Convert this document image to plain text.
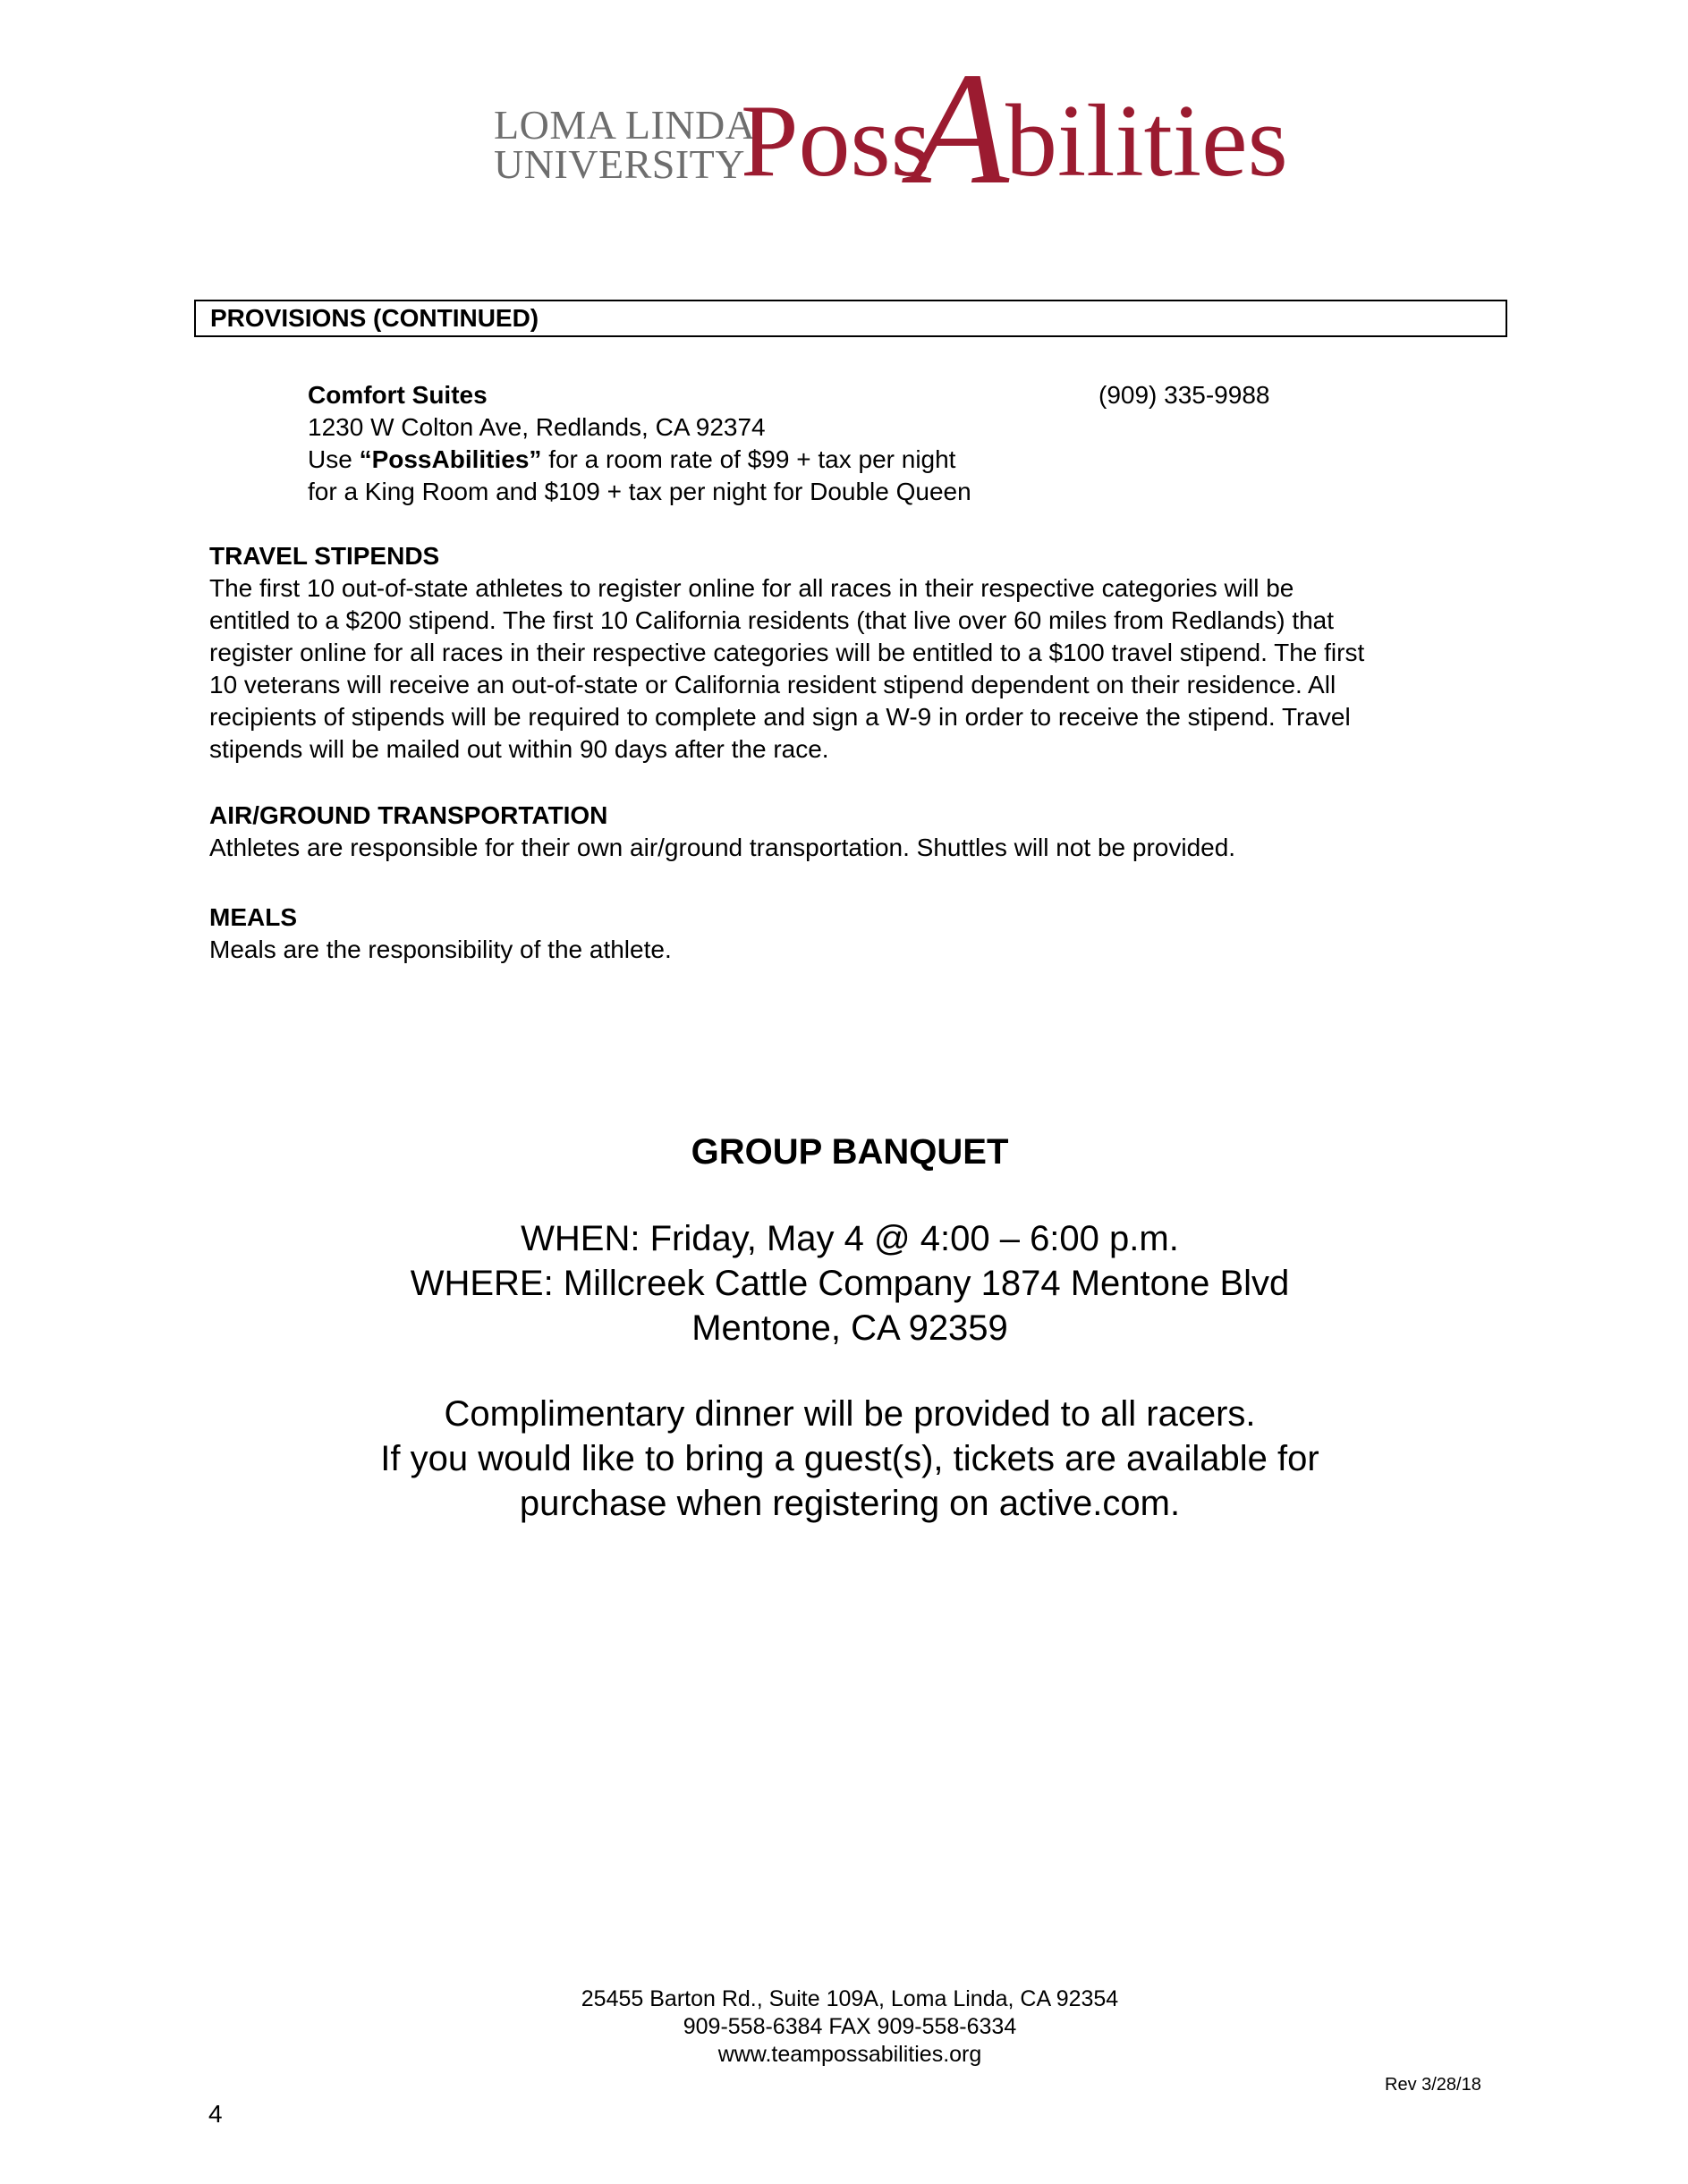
LOMA LINDA
UNIVERSITY
Poss
A
bilities
PROVISIONS (CONTINUED)
Comfort Suites
1230 W Colton Ave, Redlands, CA 92374
Use “PossAbilities” for a room rate of $99 + tax per night
for a King Room and $109 + tax per night for Double Queen
(909) 335-9988
TRAVEL STIPENDS
The first 10 out-of-state athletes to register online for all races in their respective categories will be
entitled to a $200 stipend. The first 10 California residents (that live over 60 miles from Redlands) that
register online for all races in their respective categories will be entitled to a $100 travel stipend. The first
10 veterans will receive an out-of-state or California resident stipend dependent on their residence. All
recipients of stipends will be required to complete and sign a W-9 in order to receive the stipend. Travel
stipends will be mailed out within 90 days after the race.
AIR/GROUND TRANSPORTATION
Athletes are responsible for their own air/ground transportation. Shuttles will not be provided.
MEALS
Meals are the responsibility of the athlete.
GROUP BANQUET
WHEN: Friday, May 4 @ 4:00 – 6:00 p.m.
WHERE: Millcreek Cattle Company 1874 Mentone Blvd
Mentone, CA 92359
Complimentary dinner will be provided to all racers.
If you would like to bring a guest(s), tickets are available for
purchase when registering on active.com.
25455 Barton Rd., Suite 109A, Loma Linda, CA 92354
909-558-6384 FAX 909-558-6334
www.teampossabilities.org
Rev 3/28/18
4
